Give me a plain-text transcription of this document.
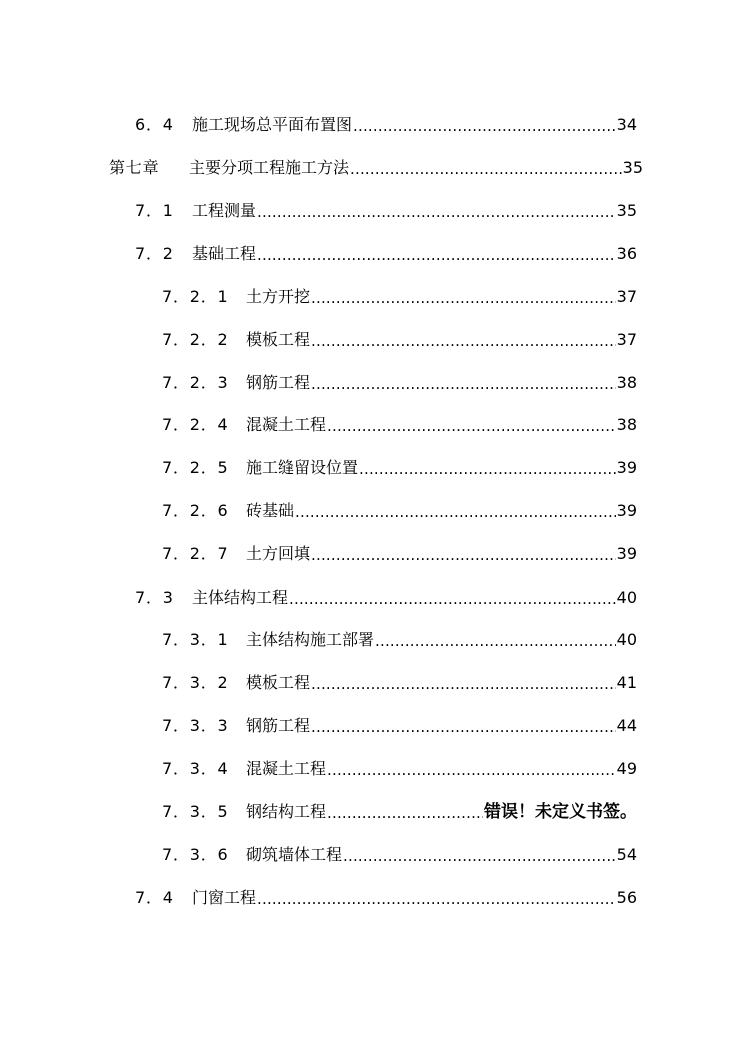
6．4	施工现场总平面布置图 .....	34
第七章	主要分项工程施工方法 .....	35
7．1	工程测量 .....	35
7．2	基础工程 .....	36
7．2．1	土方开挖 .....	37
7．2．2	模板工程 .....	37
7．2．3	钢筋工程 .....	38
7．2．4	混凝土工程 .....	38
7．2．5	施工缝留设位置 .....	39
7．2．6	砖基础 .....	39
7．2．7	土方回填 .....	39
7．3	主体结构工程 .....	40
7．3．1	主体结构施工部署 .....	40
7．3．2	模板工程 .....	41
7．3．3	钢筋工程 .....	44
7．3．4	混凝土工程 .....	49
7．3．5	钢结构工程 .....	错误！未定义书签。
7．3．6	砌筑墙体工程 .....	54
7．4	门窗工程 .....	56
